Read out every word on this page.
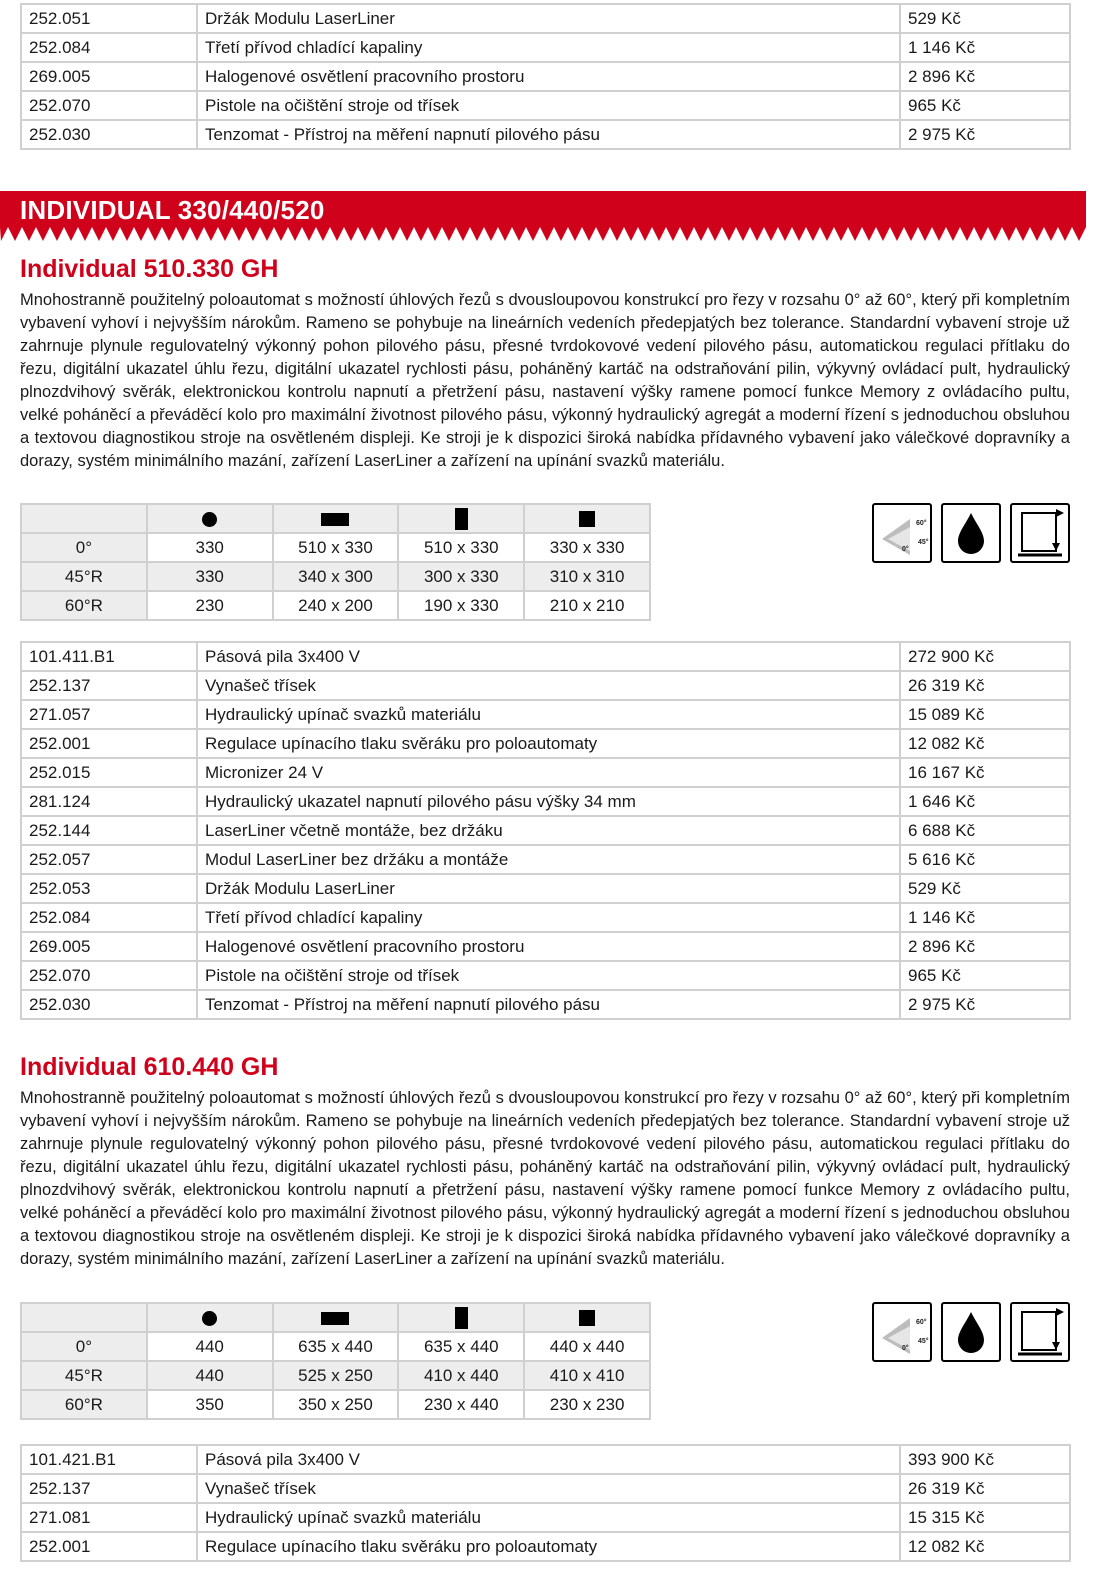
252.051	Držák Modulu LaserLiner	529 Kč
252.084	Třetí přívod chladící kapaliny	1 146 Kč
269.005	Halogenové osvětlení pracovního prostoru	2 896 Kč
252.070	Pistole na očištění stroje od třísek	965 Kč
252.030	Tenzomat - Přístroj na měření napnutí pilového pásu	2 975 Kč
INDIVIDUAL 330/440/520
Individual 510.330 GH

Mnohostranně použitelný poloautomat s možností úhlových řezů s dvousloupovou konstrukcí pro řezy v rozsahu 0° až 60°, který při kompletním vybavení vyhoví i nejvyšším nárokům. Rameno se pohybuje na lineárních vedeních předepjatých bez tolerance. Standardní vybavení stroje už zahrnuje plynule regulovatelný výkonný pohon pilového pásu, přesné tvrdokovové vedení pilového pásu, automatickou regulaci přítlaku do řezu, digitální ukazatel úhlu řezu, digitální ukazatel rychlosti pásu, poháněný kartáč na odstraňování pilin, výkyvný ovládací pult, hydraulický plnozdvihový svěrák, elektronickou kontrolu napnutí a přetržení pásu, nastavení výšky ramene pomocí funkce Memory z ovládacího pultu, velké poháněcí a převáděcí kolo pro maximální životnost pilového pásu, výkonný hydraulický agregát a moderní řízení s jednoduchou obsluhou a textovou diagnostikou stroje na osvětleném displeji. Ke stroji je k dispozici široká nabídka přídavného vybavení jako válečkové dopravníky a dorazy, systém minimálního mazání, zařízení LaserLiner a zařízení na upínání svazků materiálu.

0°	330	510 x 330	510 x 330	330 x 330
45°R	330	340 x 300	300 x 330	310 x 310
60°R	230	240 x 200	190 x 330	210 x 210
60°
45°
0°
101.411.B1	Pásová pila 3x400 V	272 900 Kč
252.137	Vynašeč třísek	26 319 Kč
271.057	Hydraulický upínač svazků materiálu	15 089 Kč
252.001	Regulace upínacího tlaku svěráku pro poloautomaty	12 082 Kč
252.015	Micronizer 24 V	16 167 Kč
281.124	Hydraulický ukazatel napnutí pilového pásu výšky 34 mm	1 646 Kč
252.144	LaserLiner včetně montáže, bez držáku	6 688 Kč
252.057	Modul LaserLiner bez držáku a montáže	5 616 Kč
252.053	Držák Modulu LaserLiner	529 Kč
252.084	Třetí přívod chladící kapaliny	1 146 Kč
269.005	Halogenové osvětlení pracovního prostoru	2 896 Kč
252.070	Pistole na očištění stroje od třísek	965 Kč
252.030	Tenzomat - Přístroj na měření napnutí pilového pásu	2 975 Kč
Individual 610.440 GH

Mnohostranně použitelný poloautomat s možností úhlových řezů s dvousloupovou konstrukcí pro řezy v rozsahu 0° až 60°, který při kompletním vybavení vyhoví i nejvyšším nárokům. Rameno se pohybuje na lineárních vedeních předepjatých bez tolerance. Standardní vybavení stroje už zahrnuje plynule regulovatelný výkonný pohon pilového pásu, přesné tvrdokovové vedení pilového pásu, automatickou regulaci přítlaku do řezu, digitální ukazatel úhlu řezu, digitální ukazatel rychlosti pásu, poháněný kartáč na odstraňování pilin, výkyvný ovládací pult, hydraulický plnozdvihový svěrák, elektronickou kontrolu napnutí a přetržení pásu, nastavení výšky ramene pomocí funkce Memory z ovládacího pultu, velké poháněcí a převáděcí kolo pro maximální životnost pilového pásu, výkonný hydraulický agregát a moderní řízení s jednoduchou obsluhou a textovou diagnostikou stroje na osvětleném displeji. Ke stroji je k dispozici široká nabídka přídavného vybavení jako válečkové dopravníky a dorazy, systém minimálního mazání, zařízení LaserLiner a zařízení na upínání svazků materiálu.

0°	440	635 x 440	635 x 440	440 x 440
45°R	440	525 x 250	410 x 440	410 x 410
60°R	350	350 x 250	230 x 440	230 x 230
60°
45°
0°
101.421.B1	Pásová pila 3x400 V	393 900 Kč
252.137	Vynašeč třísek	26 319 Kč
271.081	Hydraulický upínač svazků materiálu	15 315 Kč
252.001	Regulace upínacího tlaku svěráku pro poloautomaty	12 082 Kč
